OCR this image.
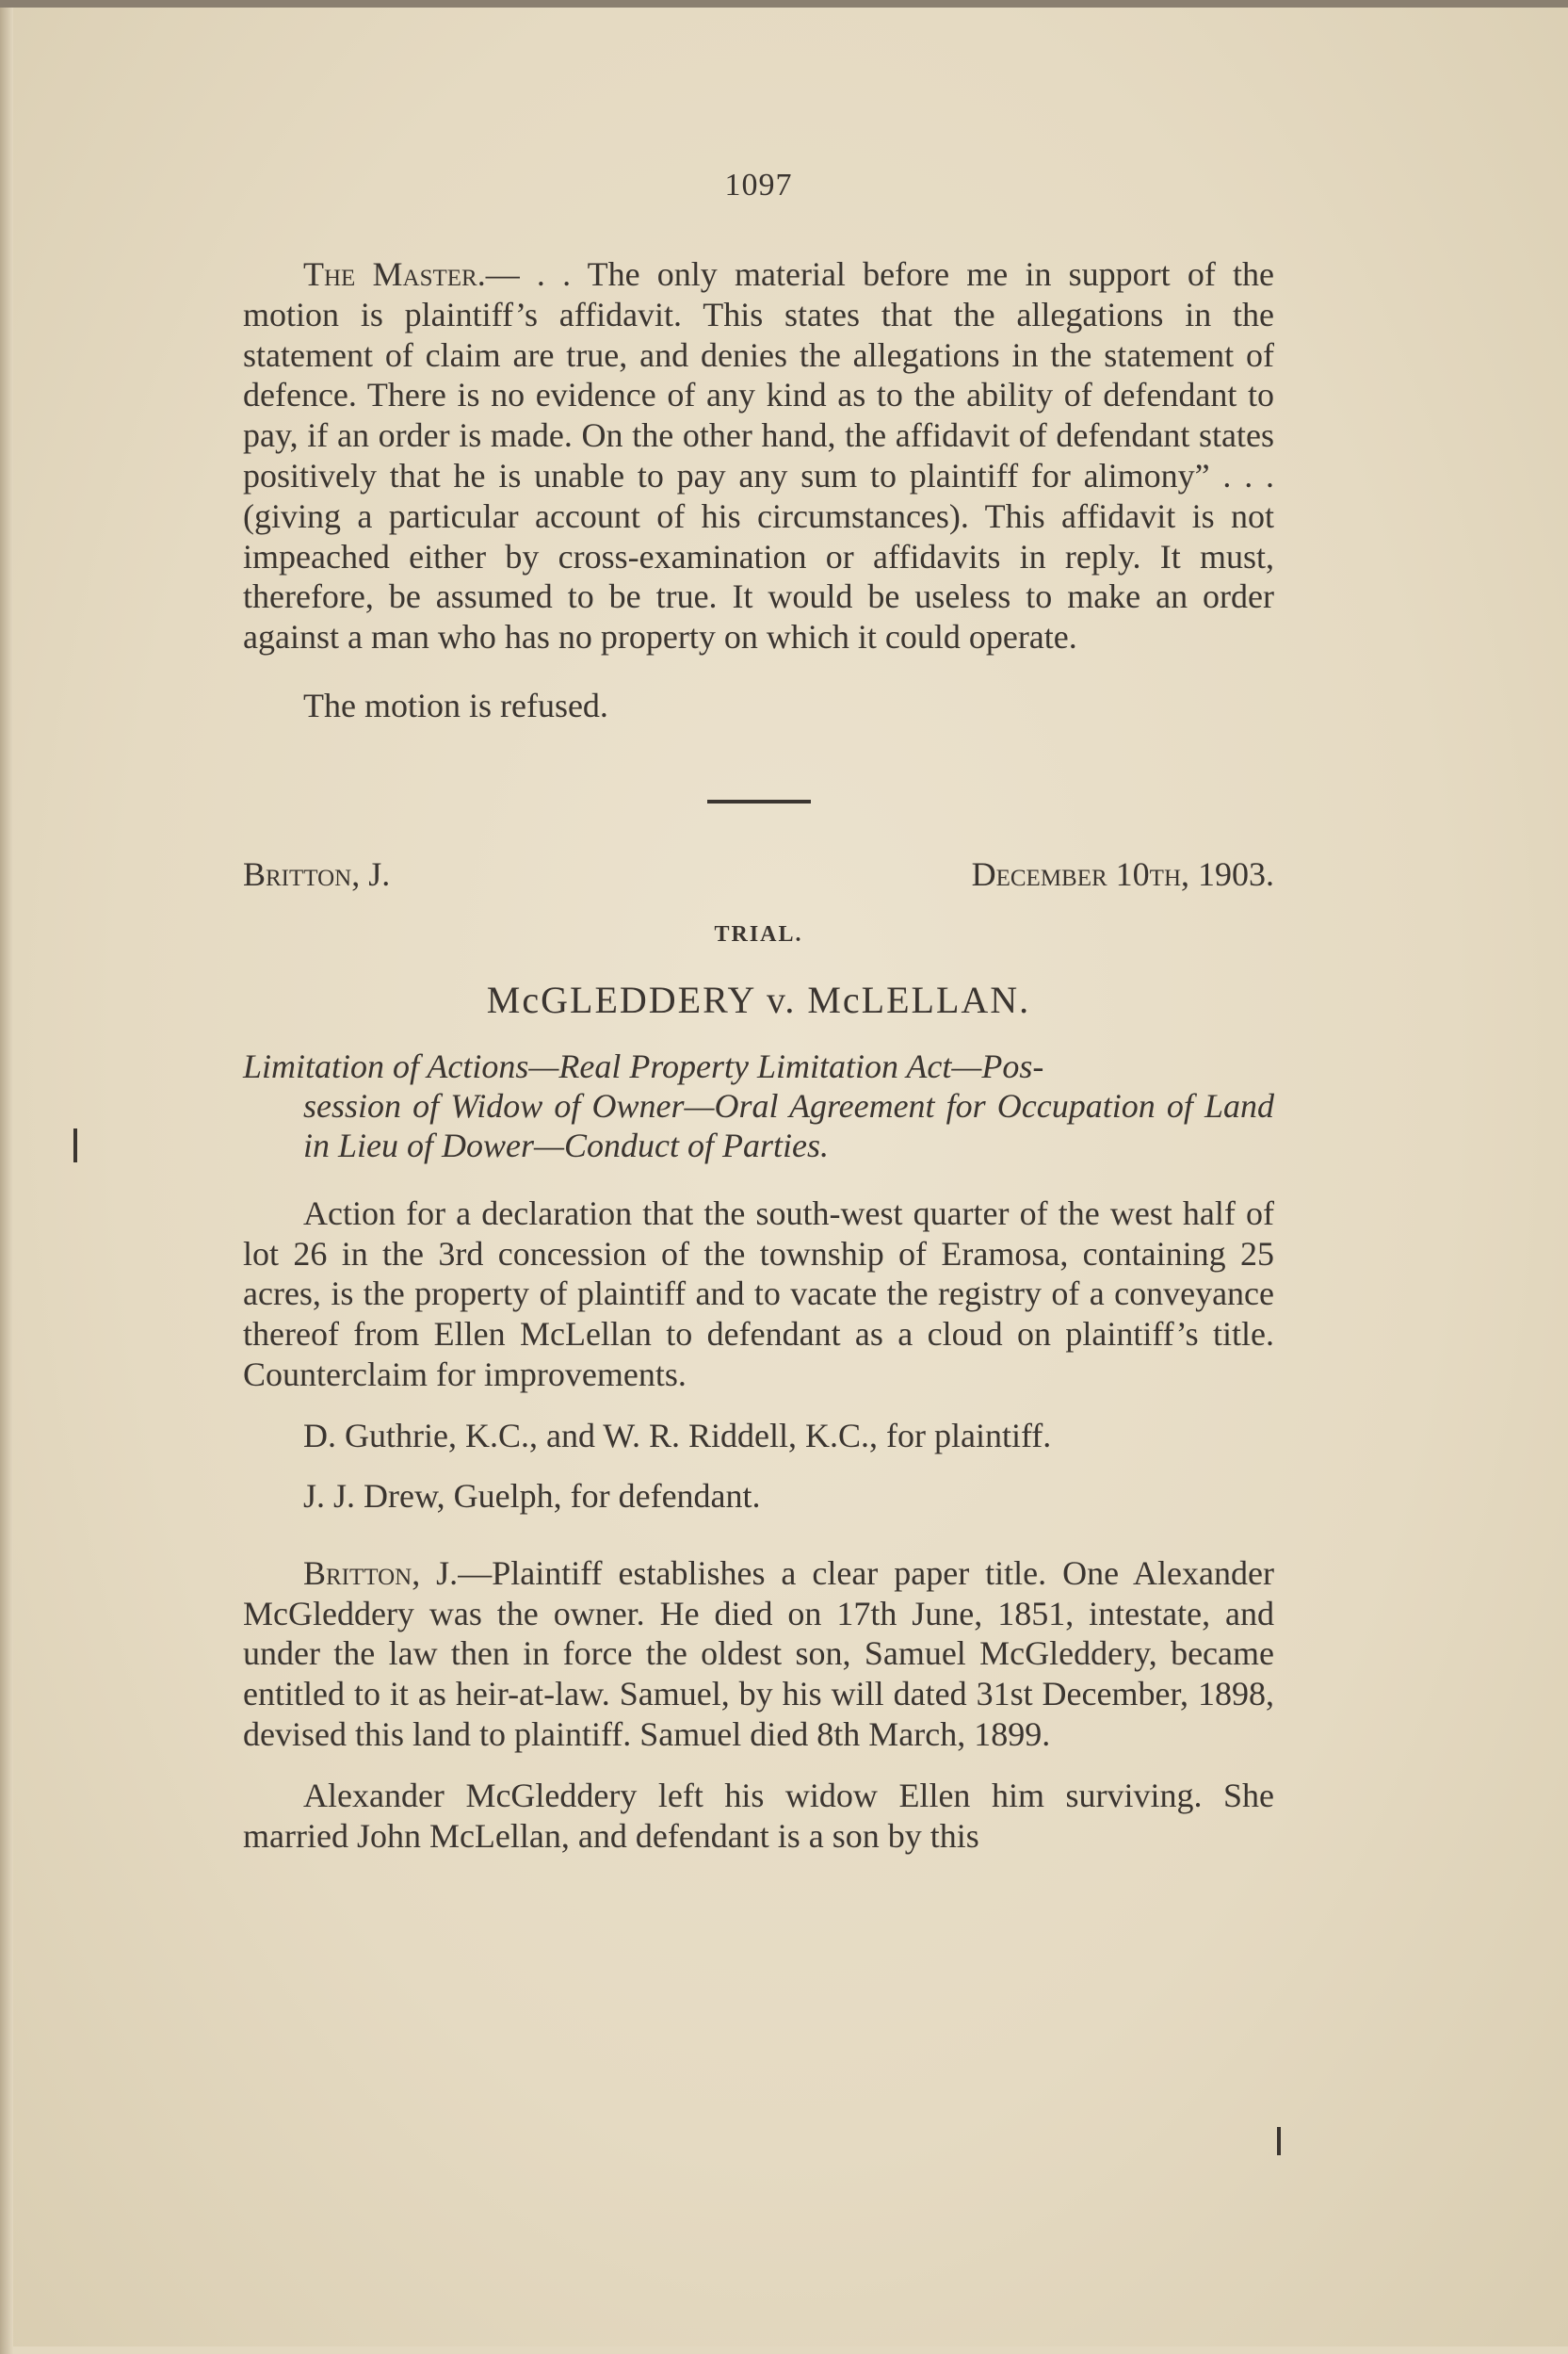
1097

The Master.— . . The only material before me in support of the motion is plaintiff’s affidavit. This states that the allegations in the statement of claim are true, and denies the allegations in the statement of defence. There is no evidence of any kind as to the ability of defendant to pay, if an order is made. On the other hand, the affidavit of defendant states positively that he is unable to pay any sum to plaintiff for alimony” . . . (giving a particular account of his circumstances). This affidavit is not impeached either by cross-examination or affidavits in reply. It must, therefore, be assumed to be true. It would be useless to make an order against a man who has no property on which it could operate.

The motion is refused.

Britton, J.	December 10th, 1903.
TRIAL.
McGLEDDERY v. McLELLAN.
Limitation of Actions—Real Property Limitation Act—Pos-
session of Widow of Owner—Oral Agreement for Occupation of Land in Lieu of Dower—Conduct of Parties.

Action for a declaration that the south-west quarter of the west half of lot 26 in the 3rd concession of the township of Eramosa, containing 25 acres, is the property of plaintiff and to vacate the registry of a conveyance thereof from Ellen McLellan to defendant as a cloud on plaintiff’s title. Counterclaim for improvements.

D. Guthrie, K.C., and W. R. Riddell, K.C., for plaintiff.
J. J. Drew, Guelph, for defendant.

Britton, J.—Plaintiff establishes a clear paper title. One Alexander McGleddery was the owner. He died on 17th June, 1851, intestate, and under the law then in force the oldest son, Samuel McGleddery, became entitled to it as heir-at-law. Samuel, by his will dated 31st December, 1898, devised this land to plaintiff. Samuel died 8th March, 1899.

Alexander McGleddery left his widow Ellen him surviving. She married John McLellan, and defendant is a son by this
